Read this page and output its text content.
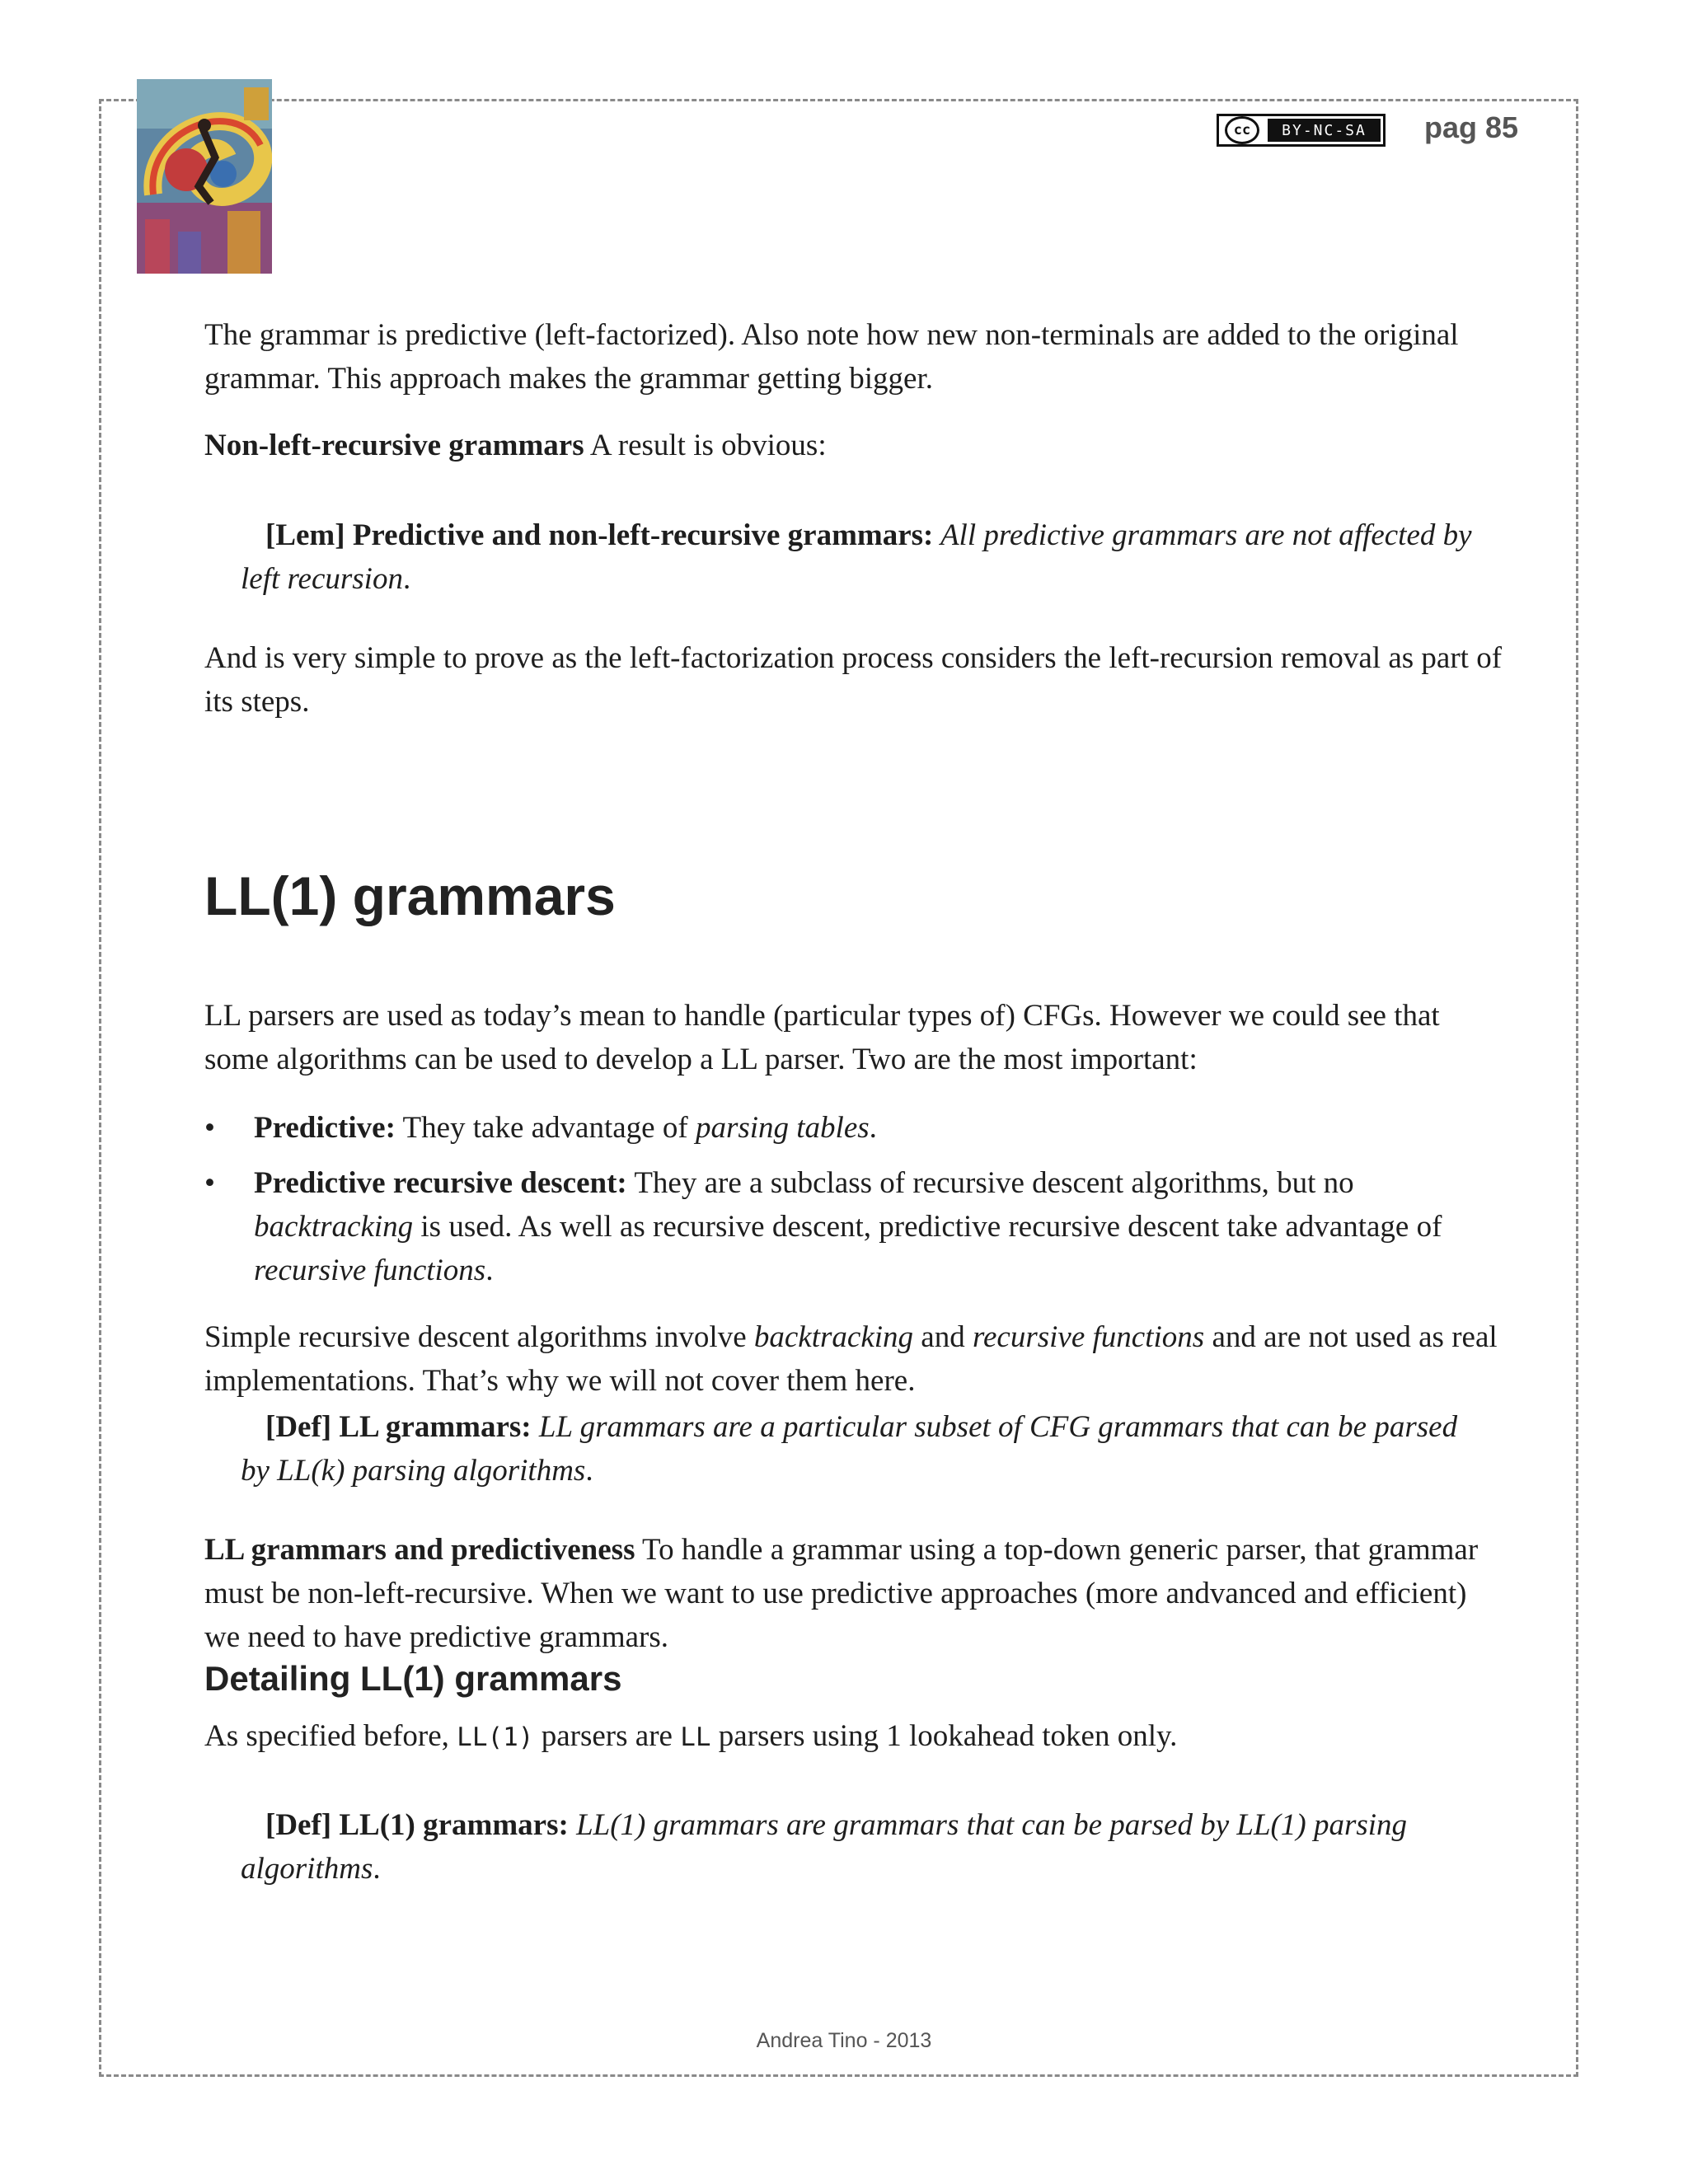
cc	BY-NC-SA	pag 85

The grammar is predictive (left-factorized). Also note how new non-terminals are added to the original grammar. This approach makes the grammar getting bigger.

Non-left-recursive grammars A result is obvious:

[Lem] Predictive and non-left-recursive grammars: All predictive grammars are not affected by left recursion.

And is very simple to prove as the left-factorization process considers the left-recursion removal as part of its steps.

LL(1) grammars

LL parsers are used as today’s mean to handle (particular types of) CFGs. However we could see that some algorithms can be used to develop a LL parser. Two are the most important:

• Predictive: They take advantage of parsing tables.
• Predictive recursive descent: They are a subclass of recursive descent algorithms, but no backtracking is used. As well as recursive descent, predictive recursive descent take advantage of recursive functions.

Simple recursive descent algorithms involve backtracking and recursive functions and are not used as real implementations. That’s why we will not cover them here.

[Def] LL grammars: LL grammars are a particular subset of CFG grammars that can be parsed by LL(k) parsing algorithms.

LL grammars and predictiveness To handle a grammar using a top-down generic parser, that grammar must be non-left-recursive. When we want to use predictive approaches (more andvanced and efficient) we need to have predictive grammars.

Detailing LL(1) grammars

As specified before, LL(1) parsers are LL parsers using 1 lookahead token only.

[Def] LL(1) grammars: LL(1) grammars are grammars that can be parsed by LL(1) parsing algorithms.

Andrea Tino - 2013
